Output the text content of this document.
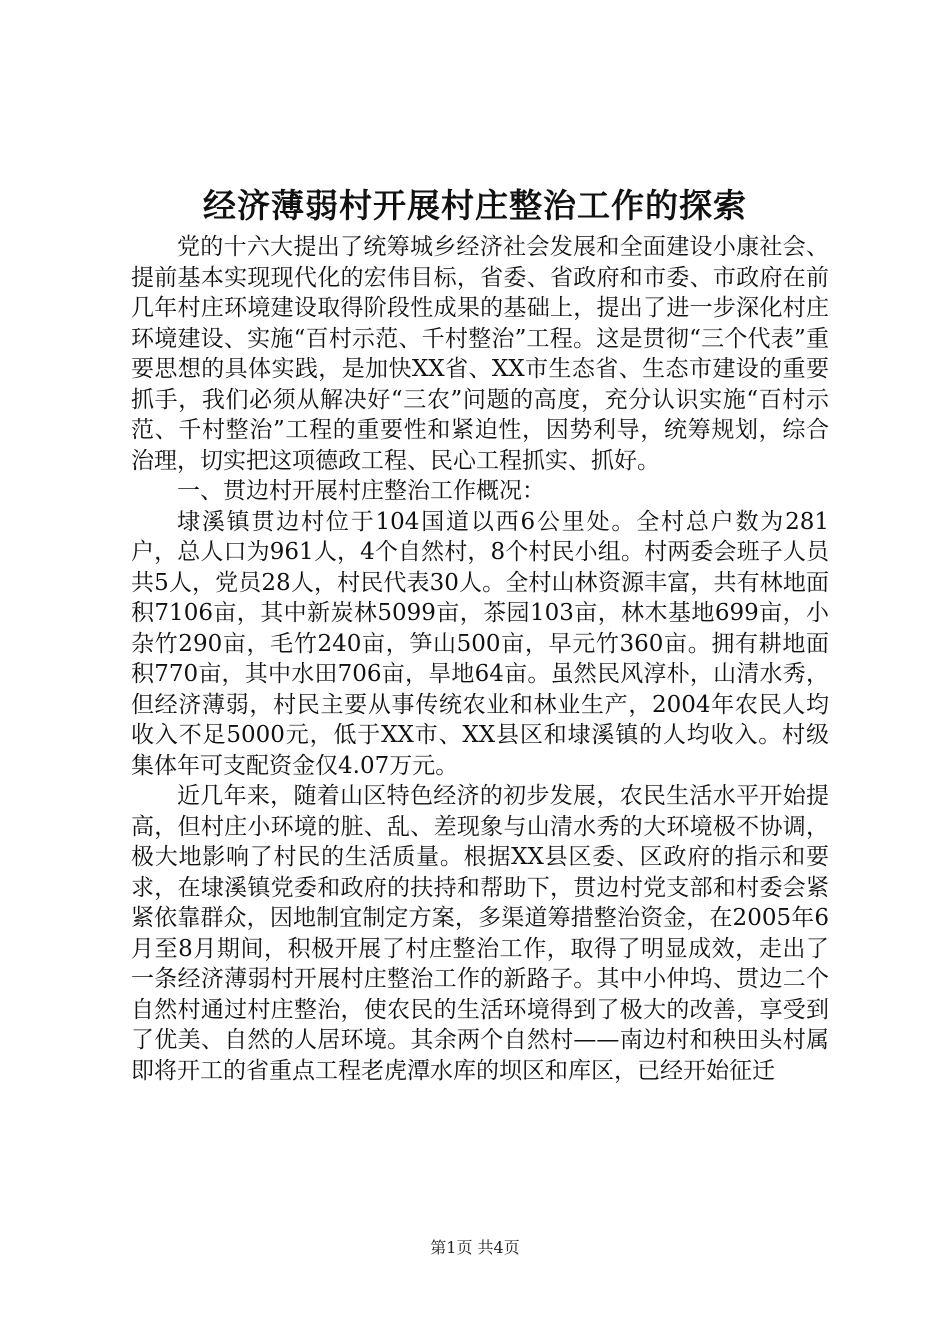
经济薄弱村开展村庄整治工作的探索

党的十六大提出了统筹城乡经济社会发展和全面建设小康社会、提前基本实现现代化的宏伟目标，省委、省政府和市委、市政府在前几年村庄环境建设取得阶段性成果的基础上，提出了进一步深化村庄环境建设、实施“百村示范、千村整治”工程。这是贯彻“三个代表”重要思想的具体实践，是加快XX省、XX市生态省、生态市建设的重要抓手，我们必须从解决好“三农”问题的高度，充分认识实施“百村示范、千村整治”工程的重要性和紧迫性，因势利导，统筹规划，综合治理，切实把这项德政工程、民心工程抓实、抓好。

一、贯边村开展村庄整治工作概况：

埭溪镇贯边村位于104国道以西6公里处。全村总户数为281户，总人口为961人，4个自然村，8个村民小组。村两委会班子人员共5人，党员28人，村民代表30人。全村山林资源丰富，共有林地面积7106亩，其中新炭林5099亩，茶园103亩，林木基地699亩，小杂竹290亩，毛竹240亩，笋山500亩，早元竹360亩。拥有耕地面积770亩，其中水田706亩，旱地64亩。虽然民风淳朴，山清水秀，但经济薄弱，村民主要从事传统农业和林业生产，2004年农民人均收入不足5000元，低于XX市、XX县区和埭溪镇的人均收入。村级集体年可支配资金仅4.07万元。

近几年来，随着山区特色经济的初步发展，农民生活水平开始提高，但村庄小环境的脏、乱、差现象与山清水秀的大环境极不协调，极大地影响了村民的生活质量。根据XX县区委、区政府的指示和要求，在埭溪镇党委和政府的扶持和帮助下，贯边村党支部和村委会紧紧依靠群众，因地制宜制定方案，多渠道筹措整治资金，在2005年6月至8月期间，积极开展了村庄整治工作，取得了明显成效，走出了一条经济薄弱村开展村庄整治工作的新路子。其中小仲坞、贯边二个自然村通过村庄整治，使农民的生活环境得到了极大的改善，享受到了优美、自然的人居环境。其余两个自然村——南边村和秧田头村属即将开工的省重点工程老虎潭水库的坝区和库区，已经开始征迁

第1页 共4页
